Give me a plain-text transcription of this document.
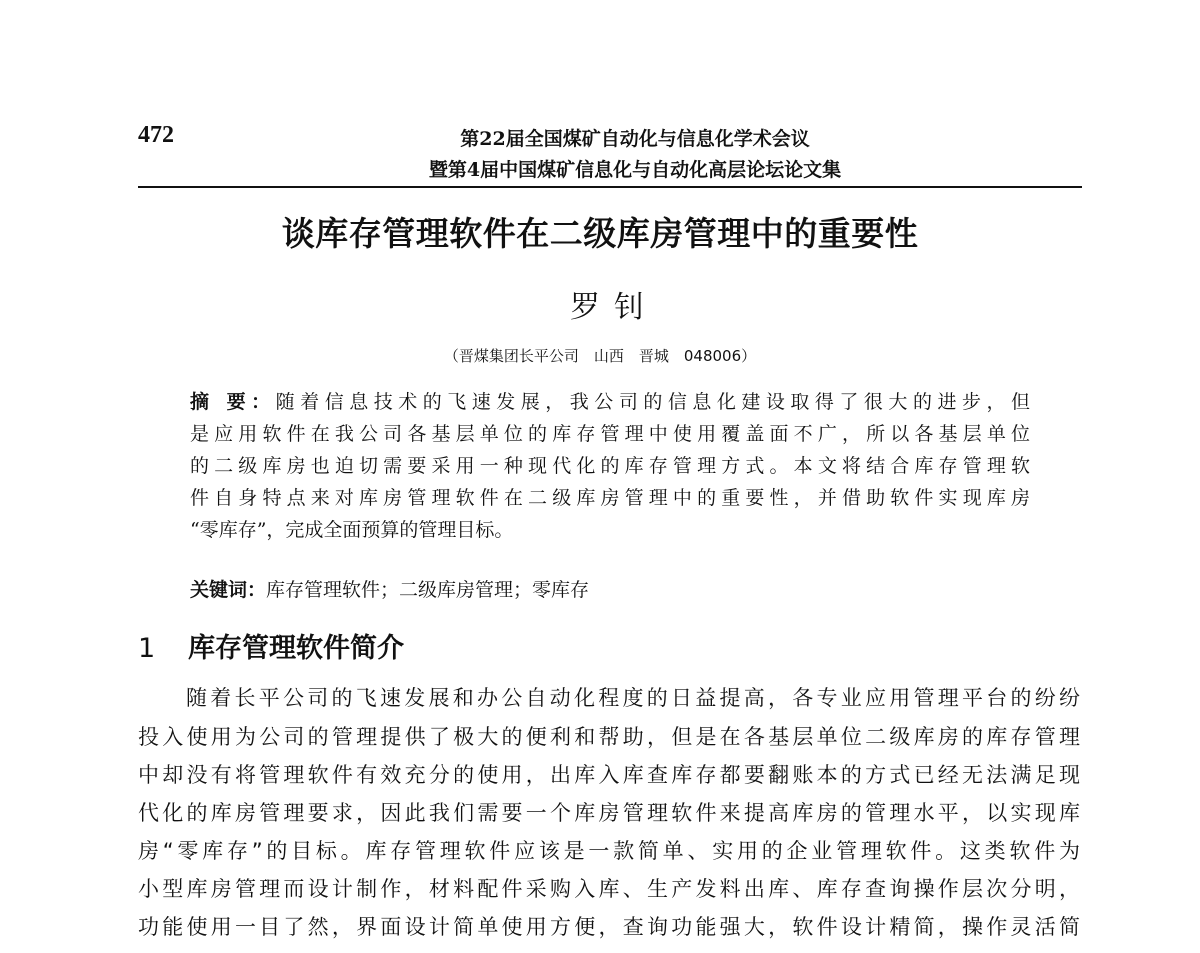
472	第22届全国煤矿自动化与信息化学术会议
暨第4届中国煤矿信息化与自动化高层论坛论文集
谈库存管理软件在二级库房管理中的重要性
罗钊
（晋煤集团长平公司　山西　晋城　048006）
摘 要：随着信息技术的飞速发展，我公司的信息化建设取得了很大的进步，但
是应用软件在我公司各基层单位的库存管理中使用覆盖面不广，所以各基层单位
的二级库房也迫切需要采用一种现代化的库存管理方式。本文将结合库存管理软
件自身特点来对库房管理软件在二级库房管理中的重要性，并借助软件实现库房
“零库存”，完成全面预算的管理目标。
关键词：库存管理软件；二级库房管理；零库存
1 库存管理软件简介
随着长平公司的飞速发展和办公自动化程度的日益提高，各专业应用管理平台的纷纷
投入使用为公司的管理提供了极大的便利和帮助，但是在各基层单位二级库房的库存管理
中却没有将管理软件有效充分的使用，出库入库查库存都要翻账本的方式已经无法满足现
代化的库房管理要求，因此我们需要一个库房管理软件来提高库房的管理水平，以实现库
房“零库存”的目标。库存管理软件应该是一款简单、实用的企业管理软件。这类软件为
小型库房管理而设计制作，材料配件采购入库、生产发料出库、库存查询操作层次分明，
功能使用一目了然，界面设计简单使用方便，查询功能强大，软件设计精简，操作灵活简
